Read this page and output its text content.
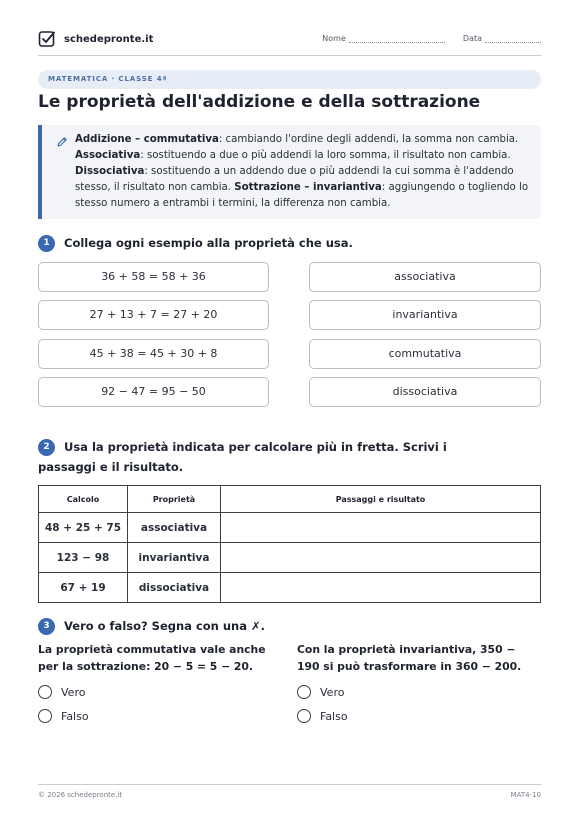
schedepronte.it	Nome	Data
MATEMATICA · CLASSE 4ª
Le proprietà dell'addizione e della sottrazione

Addizione – commutativa: cambiando l'ordine degli addendi, la somma non cambia.
Associativa: sostituendo a due o più addendi la loro somma, il risultato non cambia.
Dissociativa: sostituendo a un addendo due o più addendi la cui somma è l'addendo stesso, il risultato non cambia. Sottrazione – invariantiva: aggiungendo o togliendo lo stesso numero a entrambi i termini, la differenza non cambia.

1	Collega ogni esempio alla proprietà che usa.
36 + 58 = 58 + 36
27 + 13 + 7 = 27 + 20
45 + 38 = 45 + 30 + 8
92 − 47 = 95 − 50
associativa
invariantiva
commutativa
dissociativa
2	Usa la proprietà indicata per calcolare più in fretta. Scrivi i passaggi e il risultato.
Calcolo	Proprietà	Passaggi e risultato
48 + 25 + 75	associativa	
123 − 98	invariantiva	
67 + 19	dissociativa	
3	Vero o falso? Segna con una ✗.
La proprietà commutativa vale anche per la sottrazione: 20 − 5 = 5 − 20.
Con la proprietà invariantiva, 350 − 190 si può trasformare in 360 − 200.
Vero
Falso
Vero
Falso
© 2026 schedepronte.it	MAT4-10
